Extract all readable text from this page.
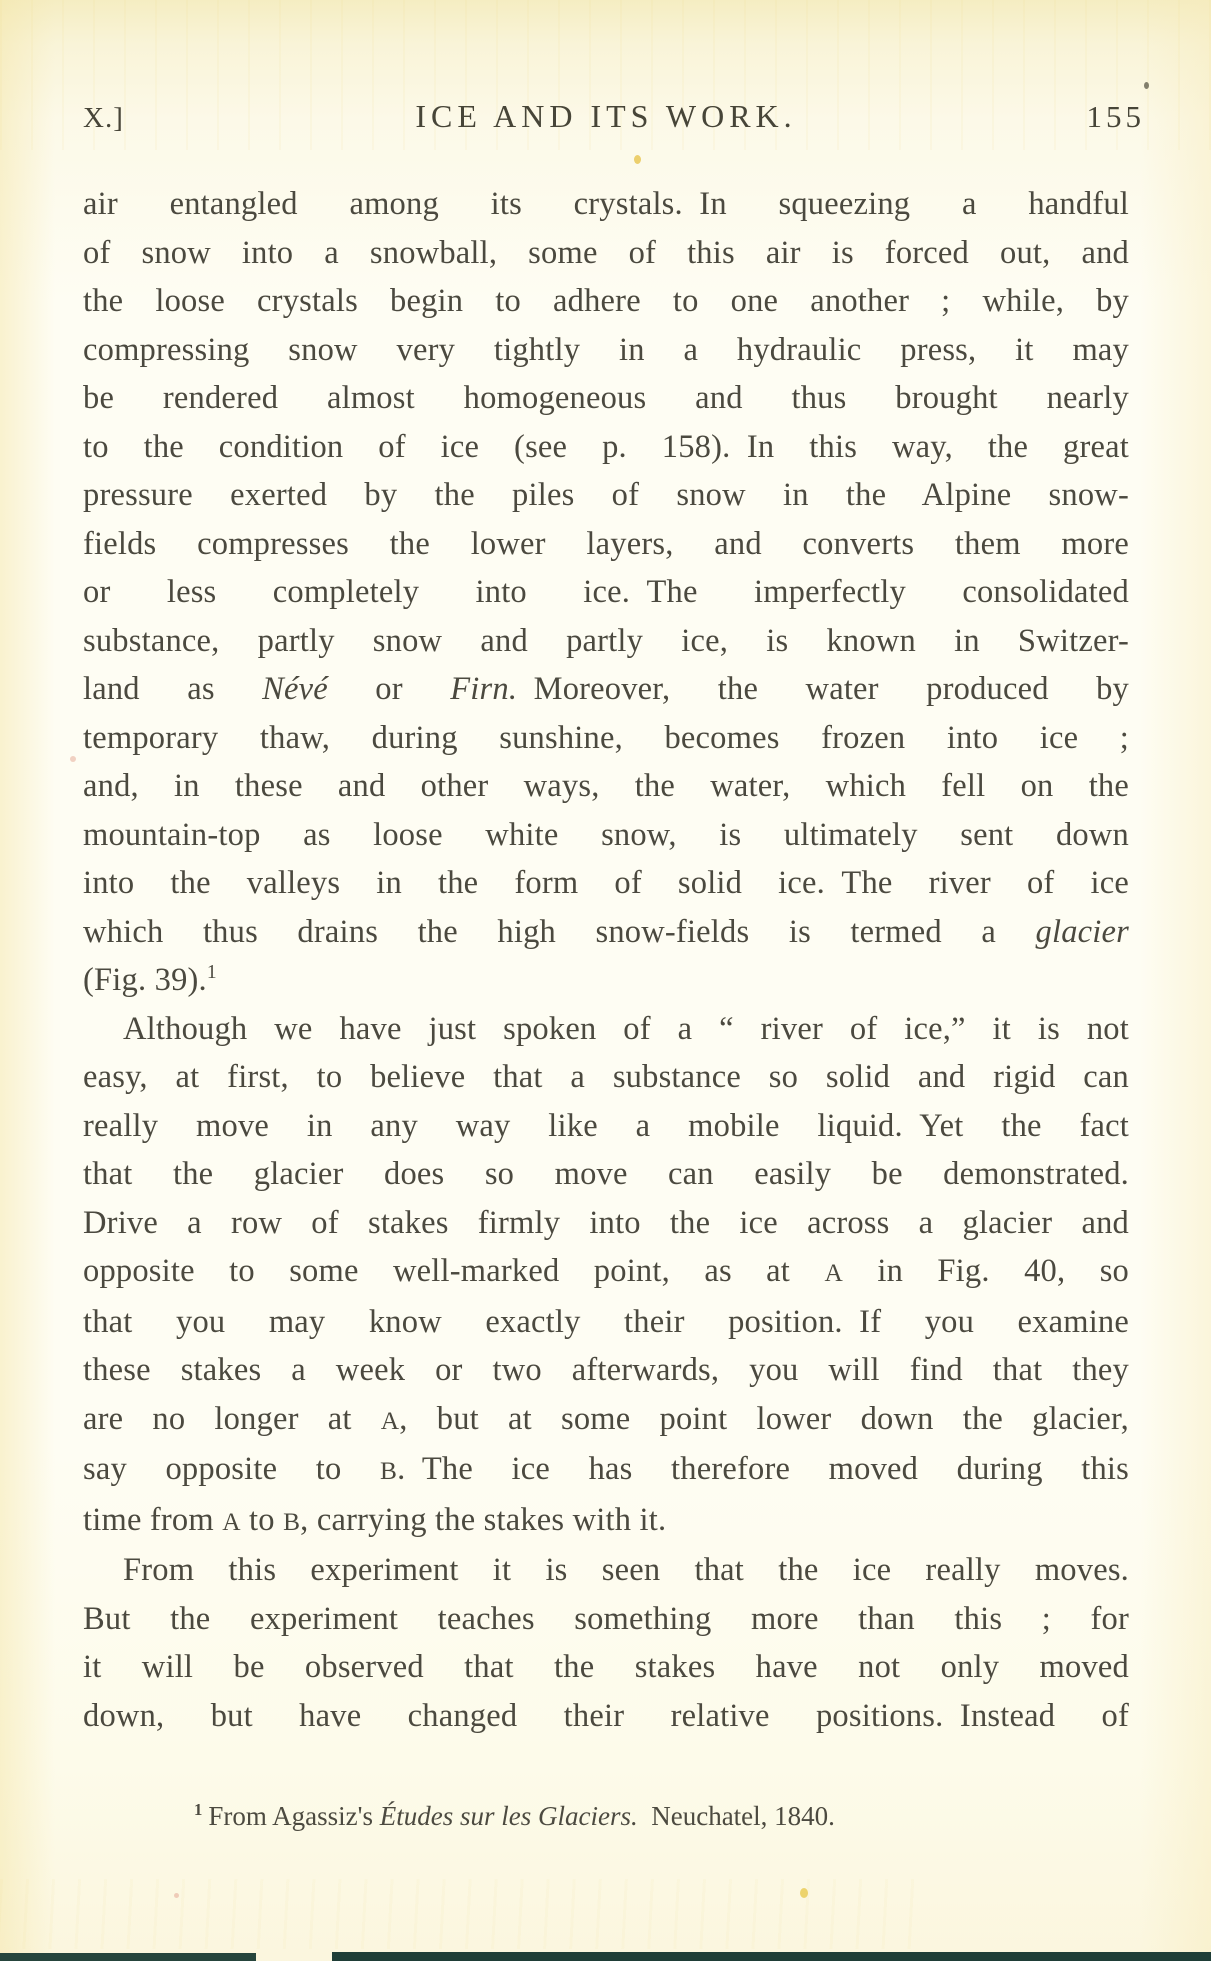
X.]	ICE AND ITS WORK.	155
air entangled among its crystals. In squeezing a handful
of snow into a snowball, some of this air is forced out, and
the loose crystals begin to adhere to one another ; while, by
compressing snow very tightly in a hydraulic press, it may
be rendered almost homogeneous and thus brought nearly
to the condition of ice (see p. 158). In this way, the great
pressure exerted by the piles of snow in the Alpine snow-
fields compresses the lower layers, and converts them more
or less completely into ice. The imperfectly consolidated
substance, partly snow and partly ice, is known in Switzer-
land as Névé or Firn. Moreover, the water produced by
temporary thaw, during sunshine, becomes frozen into ice ;
and, in these and other ways, the water, which fell on the
mountain-top as loose white snow, is ultimately sent down
into the valleys in the form of solid ice. The river of ice
which thus drains the high snow-fields is termed a glacier
(Fig. 39).$^1$
Although we have just spoken of a “ river of ice,” it is not
easy, at first, to believe that a substance so solid and rigid can
really move in any way like a mobile liquid. Yet the fact
that the glacier does so move can easily be demonstrated.
Drive a row of stakes firmly into the ice across a glacier and
opposite to some well-marked point, as at A in Fig. 40, so
that you may know exactly their position. If you examine
these stakes a week or two afterwards, you will find that they
are no longer at A, but at some point lower down the glacier,
say opposite to B. The ice has therefore moved during this
time from A to B, carrying the stakes with it.
From this experiment it is seen that the ice really moves.
But the experiment teaches something more than this ; for
it will be observed that the stakes have not only moved
down, but have changed their relative positions. Instead of
$^1$ From Agassiz's Études sur les Glaciers. Neuchatel, 1840.
